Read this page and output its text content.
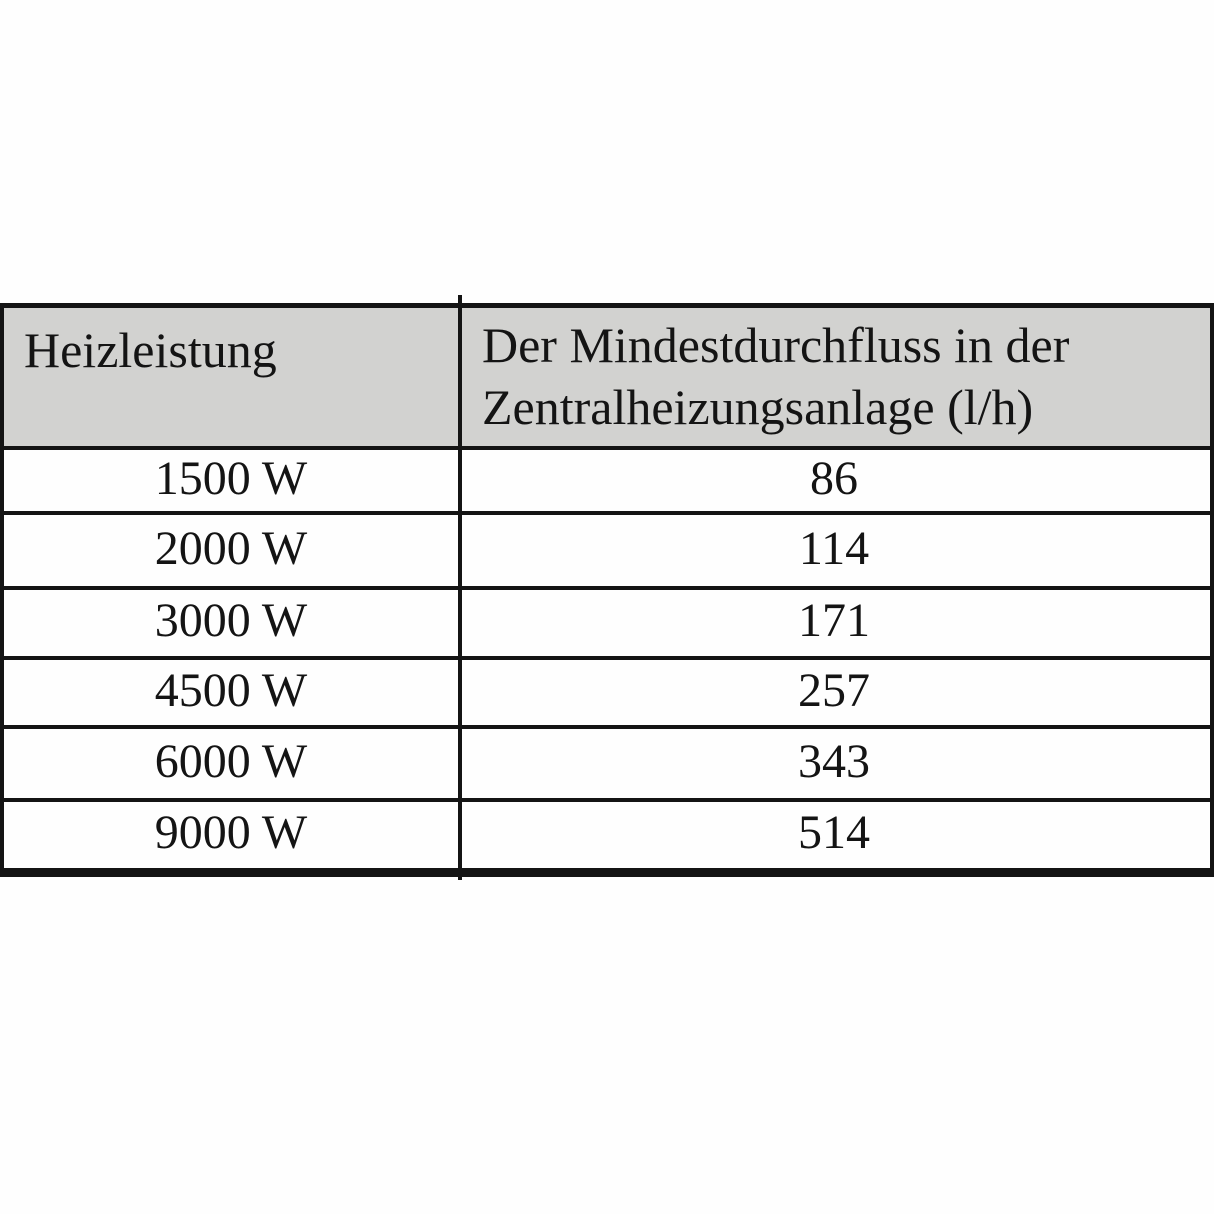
Heizleistung	Der Mindestdurchfluss in der
Zentralheizungsanlage (l/h)
1500 W	86
2000 W	114
3000 W	171
4500 W	257
6000 W	343
9000 W	514
